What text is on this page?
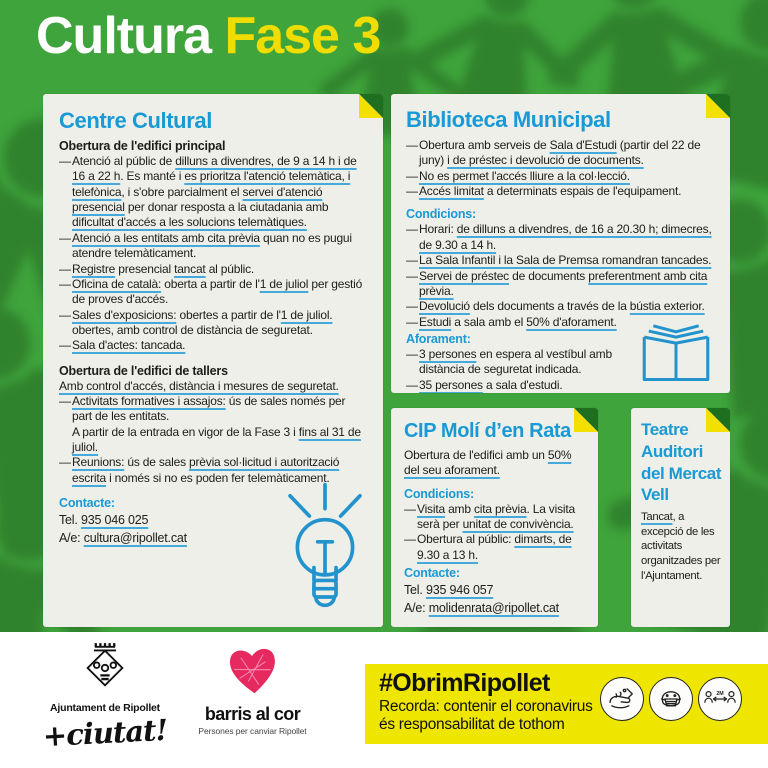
Cultura Fase 3
Centre Cultural
Obertura de l'edifici principal
— Atenció al públic de dilluns a divendres, de 9 a 14 h i de 16 a 22 h. Es manté i es prioritza l'atenció telemàtica, i telefònica, i s'obre parcialment el servei d'atenció presencial per donar resposta a la ciutadania amb dificultat d'accés a les solucions telemàtiques.
— Atenció a les entitats amb cita prèvia quan no es pugui atendre telemàticament.
— Registre presencial tancat al públic.
— Oficina de català: oberta a partir de l'1 de juliol per gestió de proves d'accés.
— Sales d'exposicions: obertes a partir de l'1 de juliol. obertes, amb control de distància de seguretat.
— Sala d'actes: tancada.
Obertura de l'edifici de tallers
Amb control d'accés, distància i mesures de seguretat.
— Activitats formatives i assajos: ús de sales només per part de les entitats.
A partir de la entrada en vigor de la Fase 3 i fins al 31 de juliol.
— Reunions: ús de sales prèvia sol·licitud i autorització escrita i només si no es poden fer telemàticament.
Contacte:
Tel. 935 046 025
A/e: cultura@ripollet.cat
Biblioteca Municipal
— Obertura amb serveis de Sala d'Estudi (partir del 22 de juny) i de préstec i devolució de documents.
— No es permet l'accés lliure a la col·lecció.
— Accés limitat a determinats espais de l'equipament.
Condicions:
— Horari: de dilluns a divendres, de 16 a 20.30 h; dimecres, de 9.30 a 14 h.
— La Sala Infantil i la Sala de Premsa romandran tancades.
— Servei de préstec de documents preferentment amb cita prèvia.
— Devolució dels documents a través de la bústia exterior.
— Estudi a sala amb el 50% d'aforament.
Aforament:
— 3 persones en espera al vestíbul amb distància de seguretat indicada.
— 35 persones a sala d'estudi.
CIP Molí d’en Rata
Obertura de l'edifici amb un 50% del seu aforament.
Condicions:
— Visita amb cita prèvia. La visita serà per unitat de convivència.
— Obertura al públic: dimarts, de 9.30 a 13 h.
Contacte:
Tel. 935 946 057
A/e: molidenrata@ripollet.cat
Teatre Auditori del Mercat Vell
Tancat, a excepció de les activitats organitzades per l'Ajuntament.
Ajuntament de Ripollet
+ciutat!	barris al cor
Persones per canviar Ripollet
#ObrimRipollet
Recorda: contenir el coronavirus
és responsabilitat de tothom
2M
